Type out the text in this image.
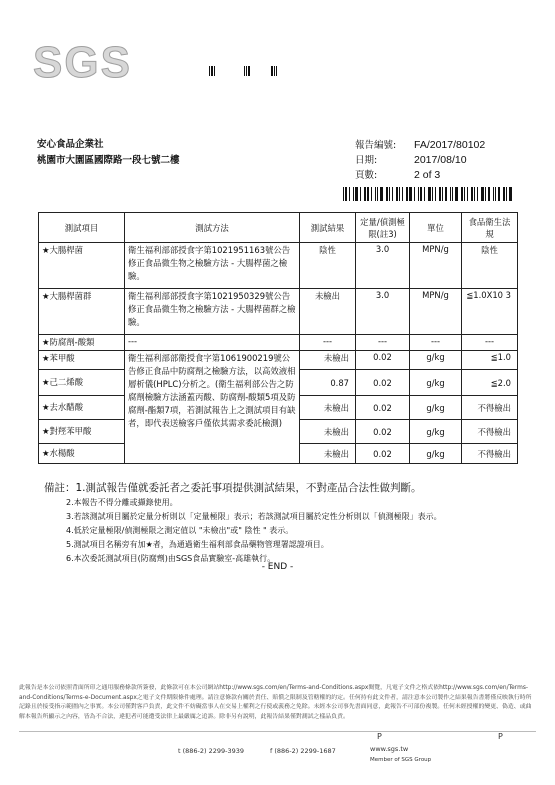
SGS
安心食品企業社
桃園市大園區國際路一段七號二樓
報告編號:	FA/2017/80102
日期:	2017/08/10
頁數:	2 of 3
測試項目	測試方法	測試結果	定量/偵測極限(註3)	單位	食品衛生法規
★大腸桿菌	衛生福利部部授食字第1021951163號公告修正食品微生物之檢驗方法 - 大腸桿菌之檢驗。	陰性	3.0	MPN/g	陰性
★大腸桿菌群	衛生福利部部授食字第1021950329號公告修正食品微生物之檢驗方法 - 大腸桿菌群之檢驗。	未檢出	3.0	MPN/g	≦1.0X10 3
★防腐劑-酸類	---	---	---	---	---
★苯甲酸	衛生福利部部衛授食字第1061900219號公告修正食品中防腐劑之檢驗方法，以高效液相層析儀(HPLC)分析之。(衛生福利部公告之防腐劑檢驗方法涵蓋丙酸、防腐劑-酸類5項及防腐劑-酯類7項，若測試報告上之測試項目有缺者，即代表送檢客戶僅依其需求委託檢測)	未檢出	0.02	g/kg	≦1.0
★己二烯酸		0.87	0.02	g/kg	≦2.0
★去水醋酸		未檢出	0.02	g/kg	不得檢出
★對羥苯甲酸		未檢出	0.02	g/kg	不得檢出
★水楊酸		未檢出	0.02	g/kg	不得檢出
備註：1.測試報告僅就委託者之委託事項提供測試結果，不對產品合法性做判斷。
2.本報告不得分離或擷錄使用。
3.若該測試項目屬於定量分析則以「定量極限」表示；若該測試項目屬於定性分析則以「偵測極限」表示。
4.低於定量極限/偵測極限之測定值以 "未檢出"或" 陰性 " 表示。
5.測試項目名稱旁有加★者，為通過衛生福利部食品藥物管理署認證項目。
6.本次委託測試項目(防腐劑)由SGS食品實驗室-高雄執行。
- END -
此報告是本公司依照背面所印之通用服務條款所簽發，此條款可在本公司網站http://www.sgs.com/en/Terms-and-Conditions.aspx閱覽，凡電子文件之格式依http://www.sgs.com/en/Terms-and-Conditions/Terms-e-Document.aspx之電子文件期限條件處理。請注意條款有關於責任、賠償之限制及管轄權的約定。任何持有此文件者，請注意本公司製作之結果報告書將僅反映執行時所記錄且於接受指示範圍內之事實。本公司僅對客戶負責，此文件不妨礙當事人在交易上權利之行使或義務之免除。未經本公司事先書面同意，此報告不可部份複製。任何未經授權的變更、偽造、或曲解本報告所顯示之內容，皆為不合法，違犯者可能遭受法律上最嚴厲之追訴。除非另有說明，此報告結果僅對測試之樣品負責。
P	P
t (886-2) 2299-3939	f (886-2) 2299-1687	www.sgs.tw
Member of SGS Group
